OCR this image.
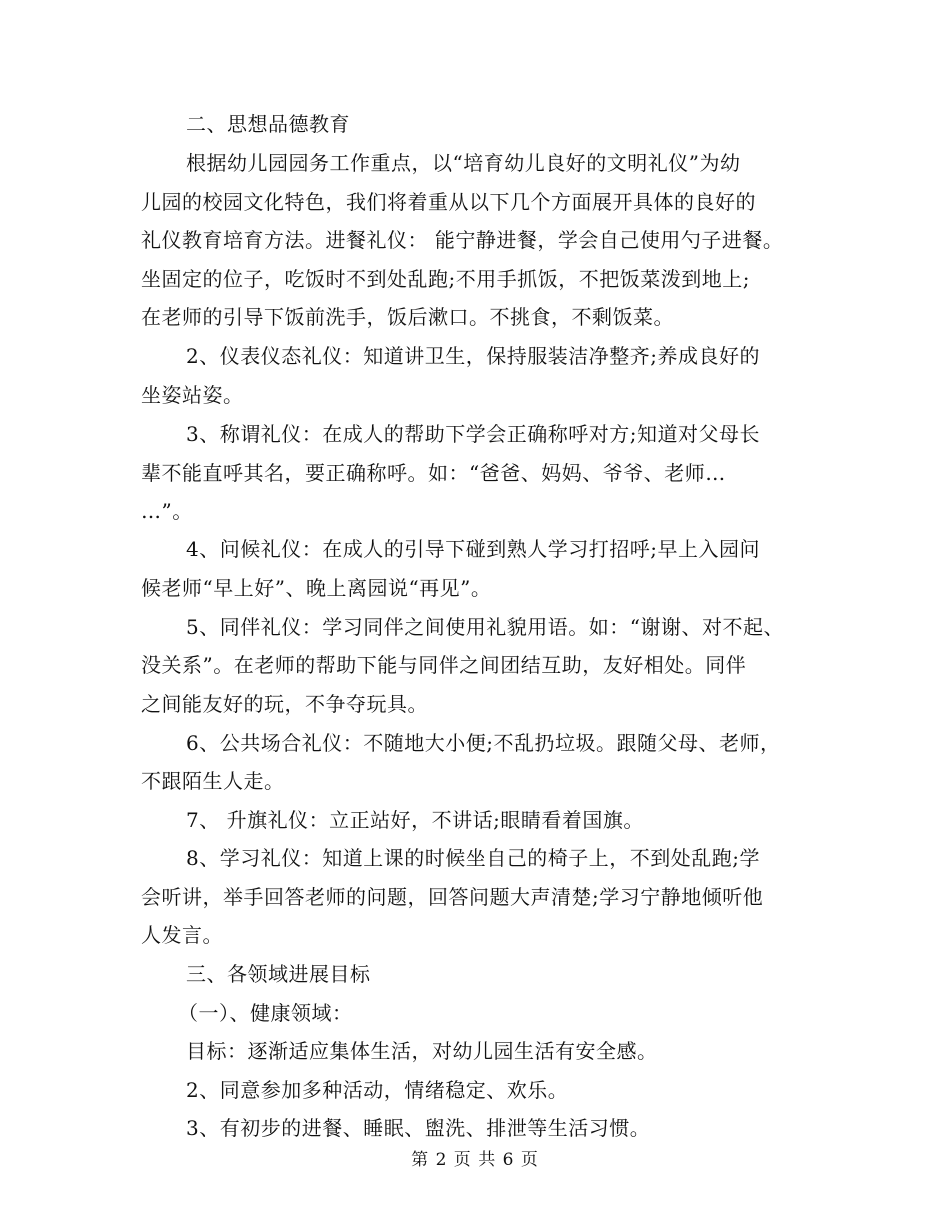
二、思想品德教育
根据幼儿园园务工作重点，以“培育幼儿良好的文明礼仪”为幼
儿园的校园文化特色，我们将着重从以下几个方面展开具体的良好的
礼仪教育培育方法。进餐礼仪： 能宁静进餐，学会自己使用勺子进餐。
坐固定的位子，吃饭时不到处乱跑;不用手抓饭，不把饭菜泼到地上;
在老师的引导下饭前洗手，饭后漱口。不挑食，不剩饭菜。
2、仪表仪态礼仪：知道讲卫生，保持服装洁净整齐;养成良好的
坐姿站姿。
3、称谓礼仪：在成人的帮助下学会正确称呼对方;知道对父母长
辈不能直呼其名，要正确称呼。如：“爸爸、妈妈、爷爷、老师…
…”。
4、问候礼仪：在成人的引导下碰到熟人学习打招呼;早上入园问
候老师“早上好”、晚上离园说“再见”。
5、同伴礼仪：学习同伴之间使用礼貌用语。如：“谢谢、对不起、
没关系”。在老师的帮助下能与同伴之间团结互助，友好相处。同伴
之间能友好的玩，不争夺玩具。
6、公共场合礼仪：不随地大小便;不乱扔垃圾。跟随父母、老师，
不跟陌生人走。
7、 升旗礼仪：立正站好，不讲话;眼睛看着国旗。
8、学习礼仪：知道上课的时候坐自己的椅子上，不到处乱跑;学
会听讲，举手回答老师的问题，回答问题大声清楚;学习宁静地倾听他
人发言。
三、各领域进展目标
（一）、健康领域：
目标：逐渐适应集体生活，对幼儿园生活有安全感。
2、同意参加多种活动，情绪稳定、欢乐。
3、有初步的进餐、睡眠、盥洗、排泄等生活习惯。
第 2 页 共 6 页
